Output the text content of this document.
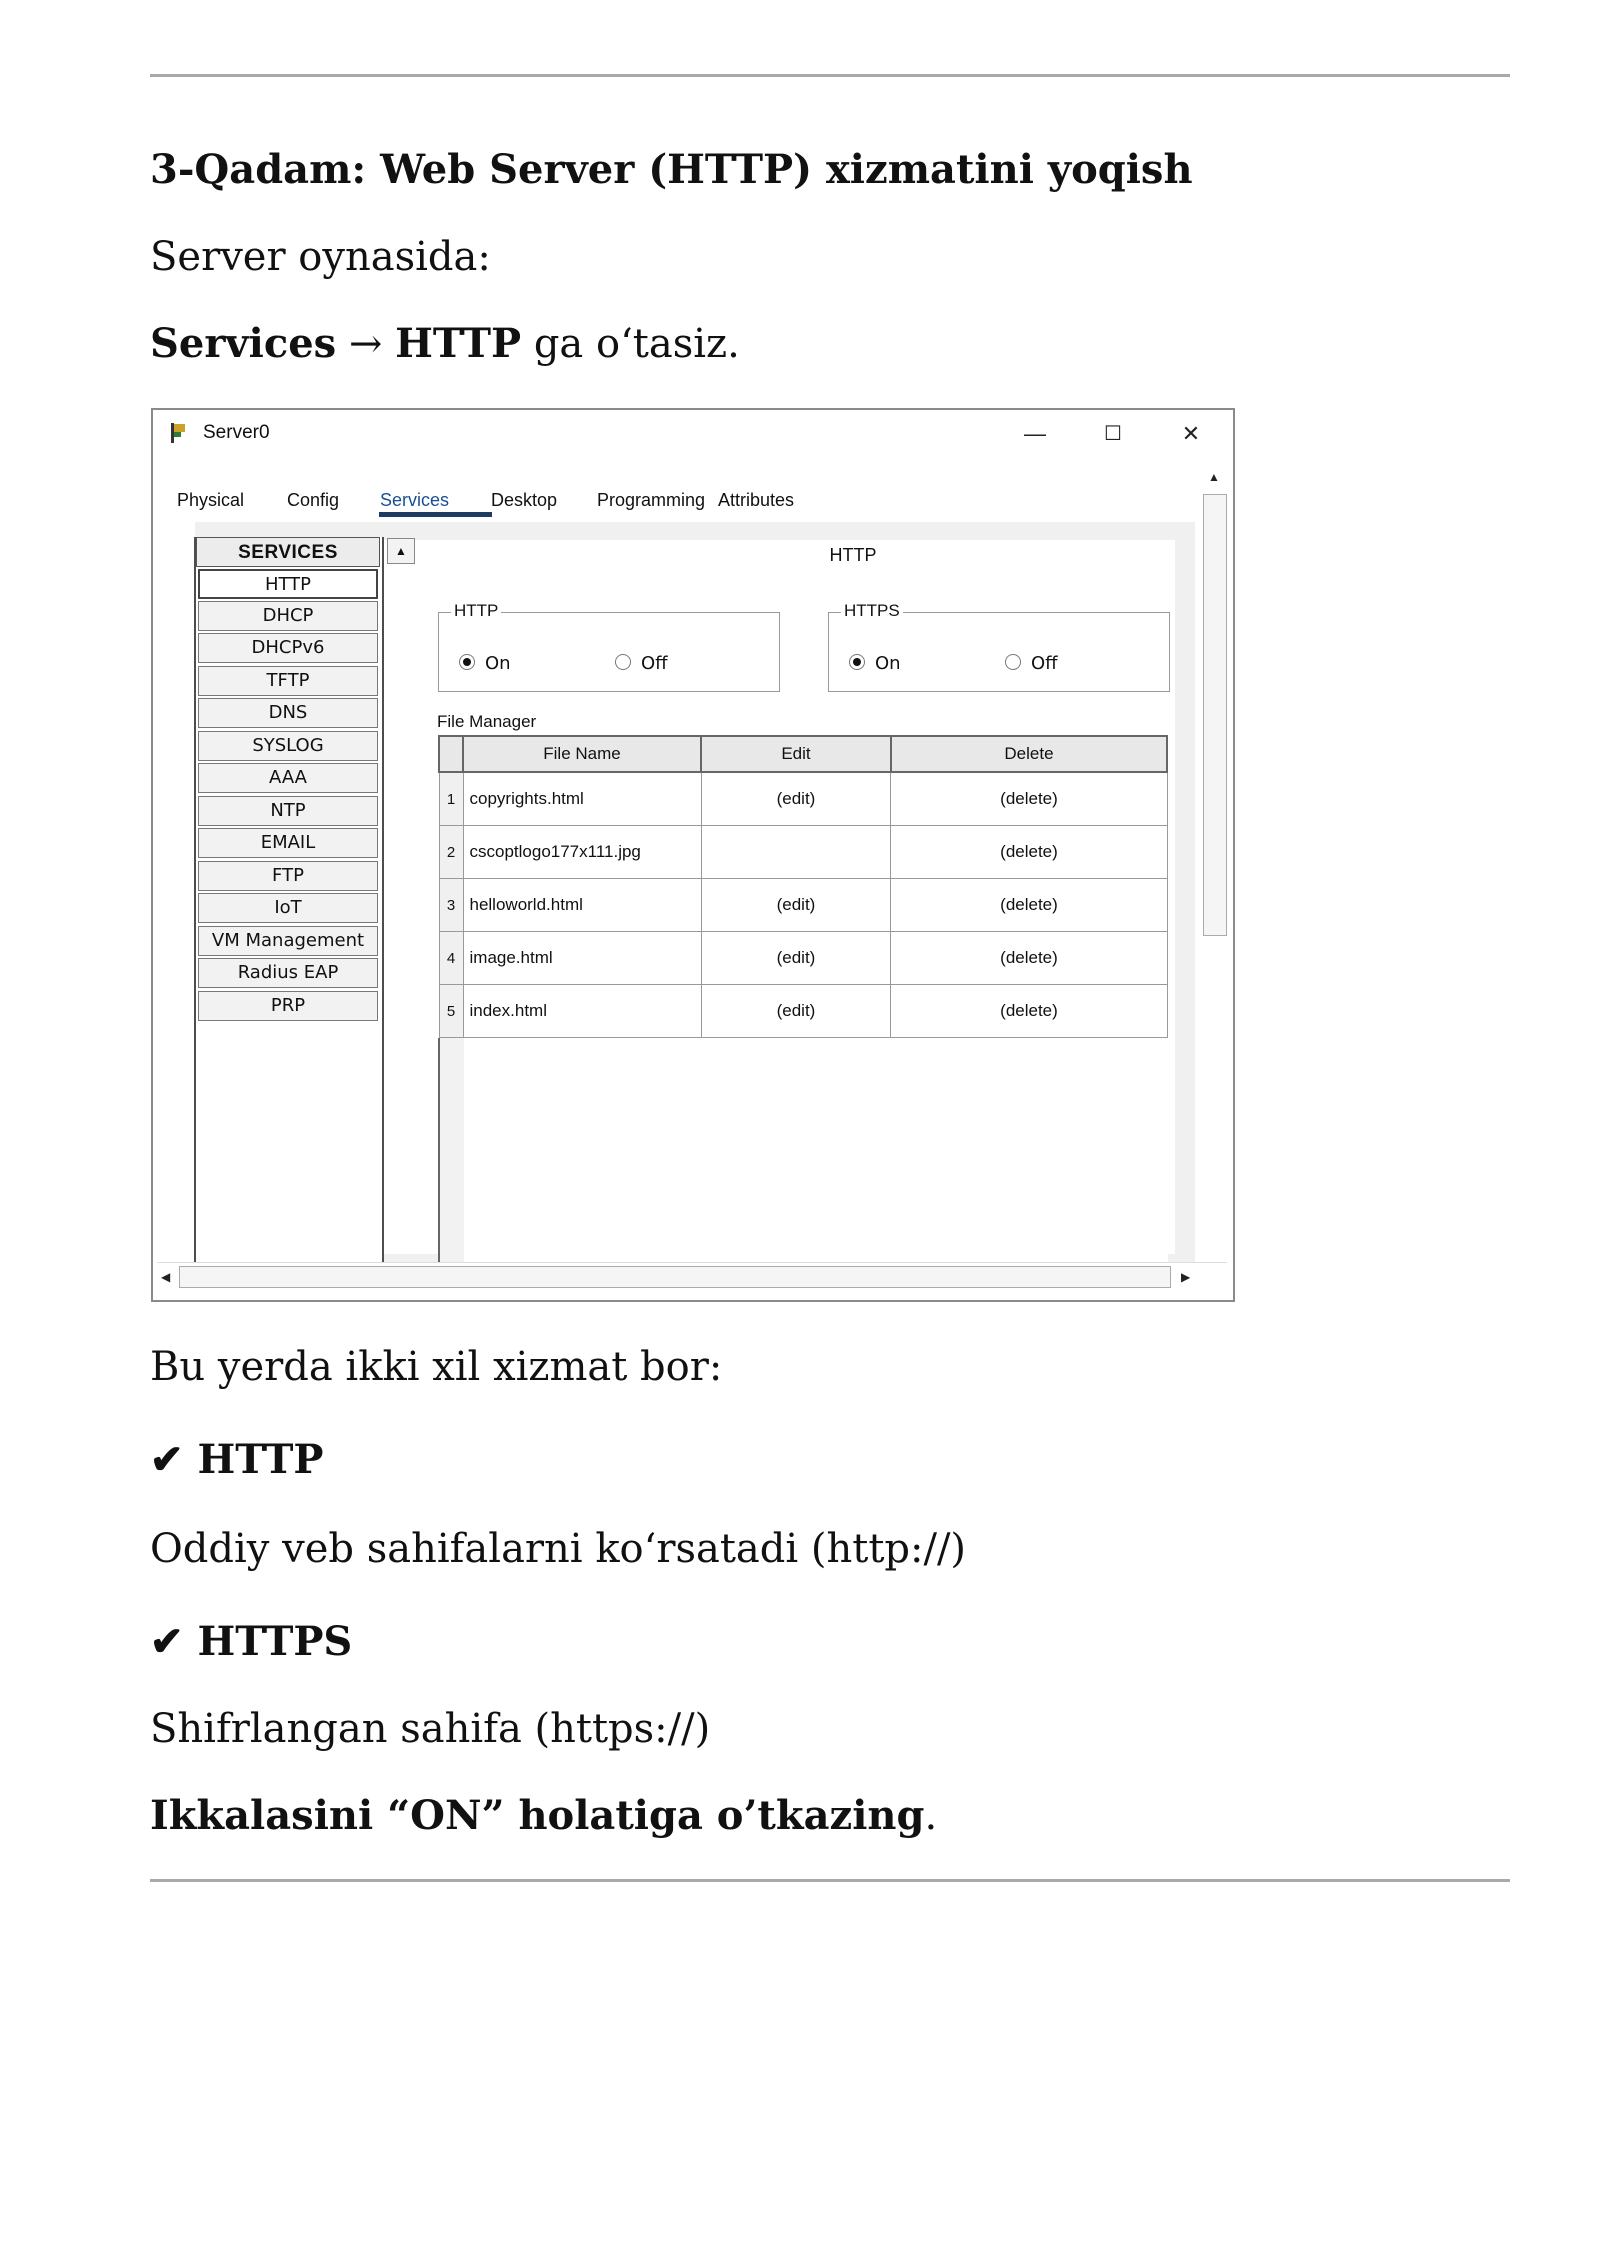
3-Qadam: Web Server (HTTP) xizmatini yoqish
Server oynasida:
Services → HTTP ga o‘tasiz.
Server0	—	☐	✕
Physical Config Services Desktop Programming Attributes
SERVICES
HTTP
DHCP
DHCPv6
TFTP
DNS
SYSLOG
AAA
NTP
EMAIL
FTP
IoT
VM Management
Radius EAP
PRP
▲	HTTP
HTTP
On	Off
HTTPS
On	Off
File Manager
	File Name	Edit	Delete
1	copyrights.html	(edit)	(delete)
2	cscoptlogo177x111.jpg		(delete)
3	helloworld.html	(edit)	(delete)
4	image.html	(edit)	(delete)
5	index.html	(edit)	(delete)
▲
◀	▶
Bu yerda ikki xil xizmat bor:
✔ HTTP
Oddiy veb sahifalarni ko‘rsatadi (http://)
✔ HTTPS
Shifrlangan sahifa (https://)
Ikkalasini “ON” holatiga o’tkazing.
